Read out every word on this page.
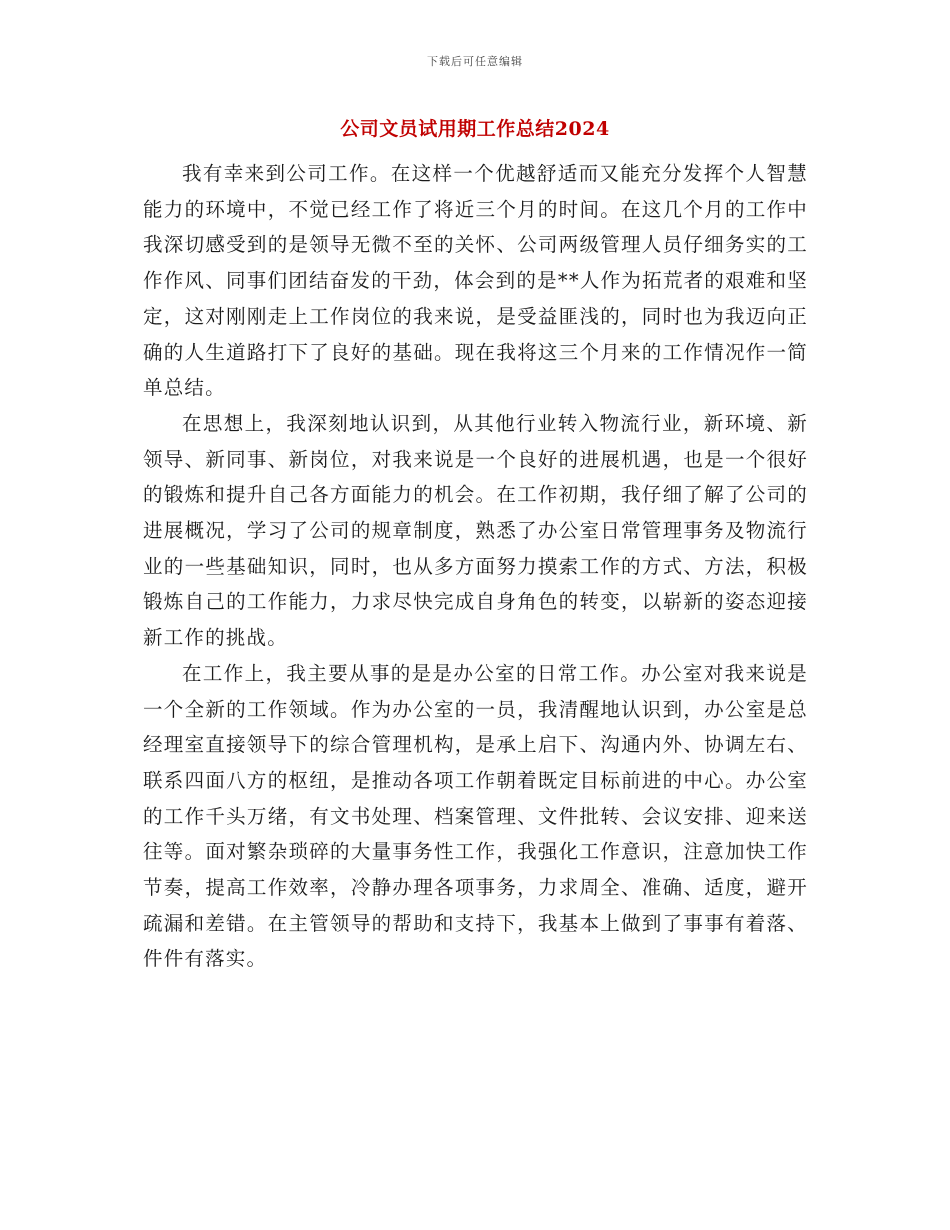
下载后可任意编辑
公司文员试用期工作总结2024

我有幸来到公司工作。在这样一个优越舒适而又能充分发挥个人智慧能力的环境中，不觉已经工作了将近三个月的时间。在这几个月的工作中我深切感受到的是领导无微不至的关怀、公司两级管理人员仔细务实的工作作风、同事们团结奋发的干劲，体会到的是**人作为拓荒者的艰难和坚定，这对刚刚走上工作岗位的我来说，是受益匪浅的，同时也为我迈向正确的人生道路打下了良好的基础。现在我将这三个月来的工作情况作一简单总结。

在思想上，我深刻地认识到，从其他行业转入物流行业，新环境、新领导、新同事、新岗位，对我来说是一个良好的进展机遇，也是一个很好的锻炼和提升自己各方面能力的机会。在工作初期，我仔细了解了公司的进展概况，学习了公司的规章制度，熟悉了办公室日常管理事务及物流行业的一些基础知识，同时，也从多方面努力摸索工作的方式、方法，积极锻炼自己的工作能力，力求尽快完成自身角色的转变，以崭新的姿态迎接新工作的挑战。

在工作上，我主要从事的是是办公室的日常工作。办公室对我来说是一个全新的工作领域。作为办公室的一员，我清醒地认识到，办公室是总经理室直接领导下的综合管理机构，是承上启下、沟通内外、协调左右、联系四面八方的枢纽，是推动各项工作朝着既定目标前进的中心。办公室的工作千头万绪，有文书处理、档案管理、文件批转、会议安排、迎来送往等。面对繁杂琐碎的大量事务性工作，我强化工作意识，注意加快工作节奏，提高工作效率，冷静办理各项事务，力求周全、准确、适度，避开疏漏和差错。在主管领导的帮助和支持下，我基本上做到了事事有着落、件件有落实。
